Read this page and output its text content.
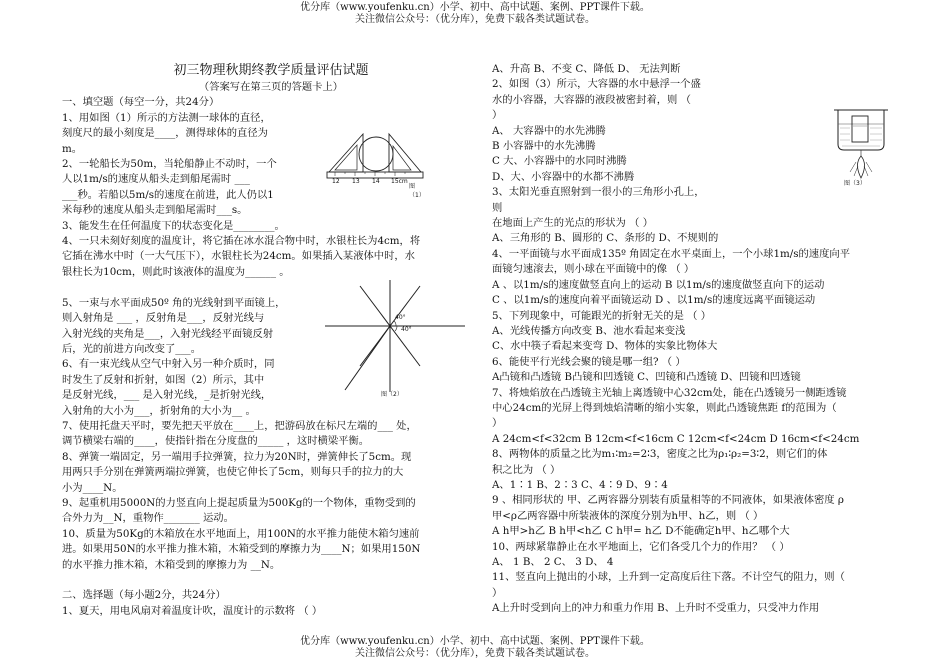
优分库（www.youfenku.cn）小学、初中、高中试题、案例、PPT课件下载。
关注微信公众号：（优分库），免费下载各类试题试卷。
初三物理秋期终教学质量评估试题
（答案写在第三页的答题卡上）
一、填空题（每空一分，共24分）
1、用如图（1）所示的方法测一球体的直径，
刻度尺的最小刻度是____，测得球体的直径为
m。
2、一轮船长为50m，当轮船静止不动时，一个
人以1m/s的速度从船头走到船尾需时 ___
___秒。若船以5m/s的速度在前进，此人仍以1
米每秒的速度从船头走到船尾需时___s。
3、能发生在任何温度下的状态变化是________。
4、一只未刻好刻度的温度计，将它插在冰水混合物中时，水银柱长为4cm，将
它插在沸水中时（一大气压下），水银柱长为24cm。如果插入某液体中时，水
银柱长为10cm，则此时该液体的温度为______ 。

5、一束与水平面成50º 角的光线射到平面镜上，
则入射角是 ___ ，反射角是___，反射光线与
入射光线的夹角是___，入射光线经平面镜反射
后，光的前进方向改变了___。
6、有一束光线从空气中射入另一种介质时，同
时发生了反射和折射，如图（2）所示，其中
是反射光线，___ 是入射光线，_是折射光线，
入射角的大小为___，折射角的大小为__ 。
7、使用托盘天平时，要先把天平放在____上，把游码放在标尺左端的___ 处，
调节横梁右端的____，使指针指在分度盘的_____ ，这时横梁平衡。
8、弹簧一端固定，另一端用手拉弹簧，拉力为20N时，弹簧伸长了5cm。现
用两只手分别在弹簧两端拉弹簧，也使它伸长了5cm，则每只手的拉力的大
小为____N。
9、起重机用5000N的力竖直向上提起质量为500Kg的一个物体，重物受到的
合外力为__N，重物作_______ 运动。
10、质量为50Kg的木箱放在水平地面上，用100N的水平推力能使木箱匀速前
进。如果用50N的水平推力推木箱，木箱受到的摩擦力为____N；如果用150N
的水平推力推木箱，木箱受到的摩擦力为 __N。

二、选择题（每小题2分，共24分）
1、夏天，用电风扇对着温度计吹，温度计的示数将 （ ）
A、升高 B、不变 C、降低 D、 无法判断
2、如图（3）所示，大容器的水中悬浮一个盛
水的小容器，大容器的液段被密封着，则 （
）
A、 大容器中的水先沸腾
B 小容器中的水先沸腾
C 大、小容器中的水同时沸腾
D、大、小容器中的水都不沸腾
3、太阳光垂直照射到一很小的三角形小孔上，
则
在地面上产生的光点的形状为 （ ）
A、三角形的 B、圆形的 C、条形的 D、不规则的
4、一平面镜与水平面成135º 角固定在水平桌面上，一个小球1m/s的速度向平
面镜匀速滚去，则小球在平面镜中的像 （ ）
A 、以1m/s的速度做竖直向上的运动 B 以1m/s的速度做竖直向下的运动
C 、以1m/s的速度向着平面镜运动 D 、以1m/s的速度远离平面镜运动
5、下列现象中，可能跟光的折射无关的是 （ ）
A、光线传播方向改变 B、池水看起来变浅
C、水中筷子看起来变弯 D、物体的实象比物体大
6、能使平行光线会聚的镜是哪一组? （ ）
A凸镜和凸透镜 B凸镜和凹透镜 C、凹镜和凸透镜 D、凹镜和凹透镜
7、将烛焰放在凸透镜主光轴上离透镜中心32cm处，能在凸透镜另一侧距透镜
中心24cm的光屏上得到烛焰清晰的缩小实象，则此凸透镜焦距 f的范围为（
）
A 24cm<f<32cm B 12cm<f<16cm C 12cm<f<24cm D 16cm<f<24cm
8、两物体的质量之比为m₁∶m₂=2∶3，密度之比为ρ₁∶ρ₂=3∶2，则它们的体
积之比为 （ ）
A、1∶1 B、2∶3 C、4∶9 D、9∶4
9 、相同形状的 甲、乙两容器分别装有质量相等的不同液体，如果液体密度 ρ
甲<ρ乙两容器中所装液体的深度分别为h甲、h乙，则 （ ）
A h甲>h乙 B h甲<h乙 C h甲= h乙 D不能确定h甲、h乙哪个大
10、两球紧靠静止在水平地面上，它们各受几个力的作用？ （ ）
A、 1 B、 2 C、 3 D、 4
11、竖直向上抛出的小球，上升到一定高度后往下落。不计空气的阻力，则（
）
A上升时受到向上的冲力和重力作用 B、上升时不受重力，只受冲力作用
12 13 14 15cm
图（1）
40°
40°
图（2）
图（3）
优分库（www.youfenku.cn）小学、初中、高中试题、案例、PPT课件下载。
关注微信公众号：（优分库），免费下载各类试题试卷。
